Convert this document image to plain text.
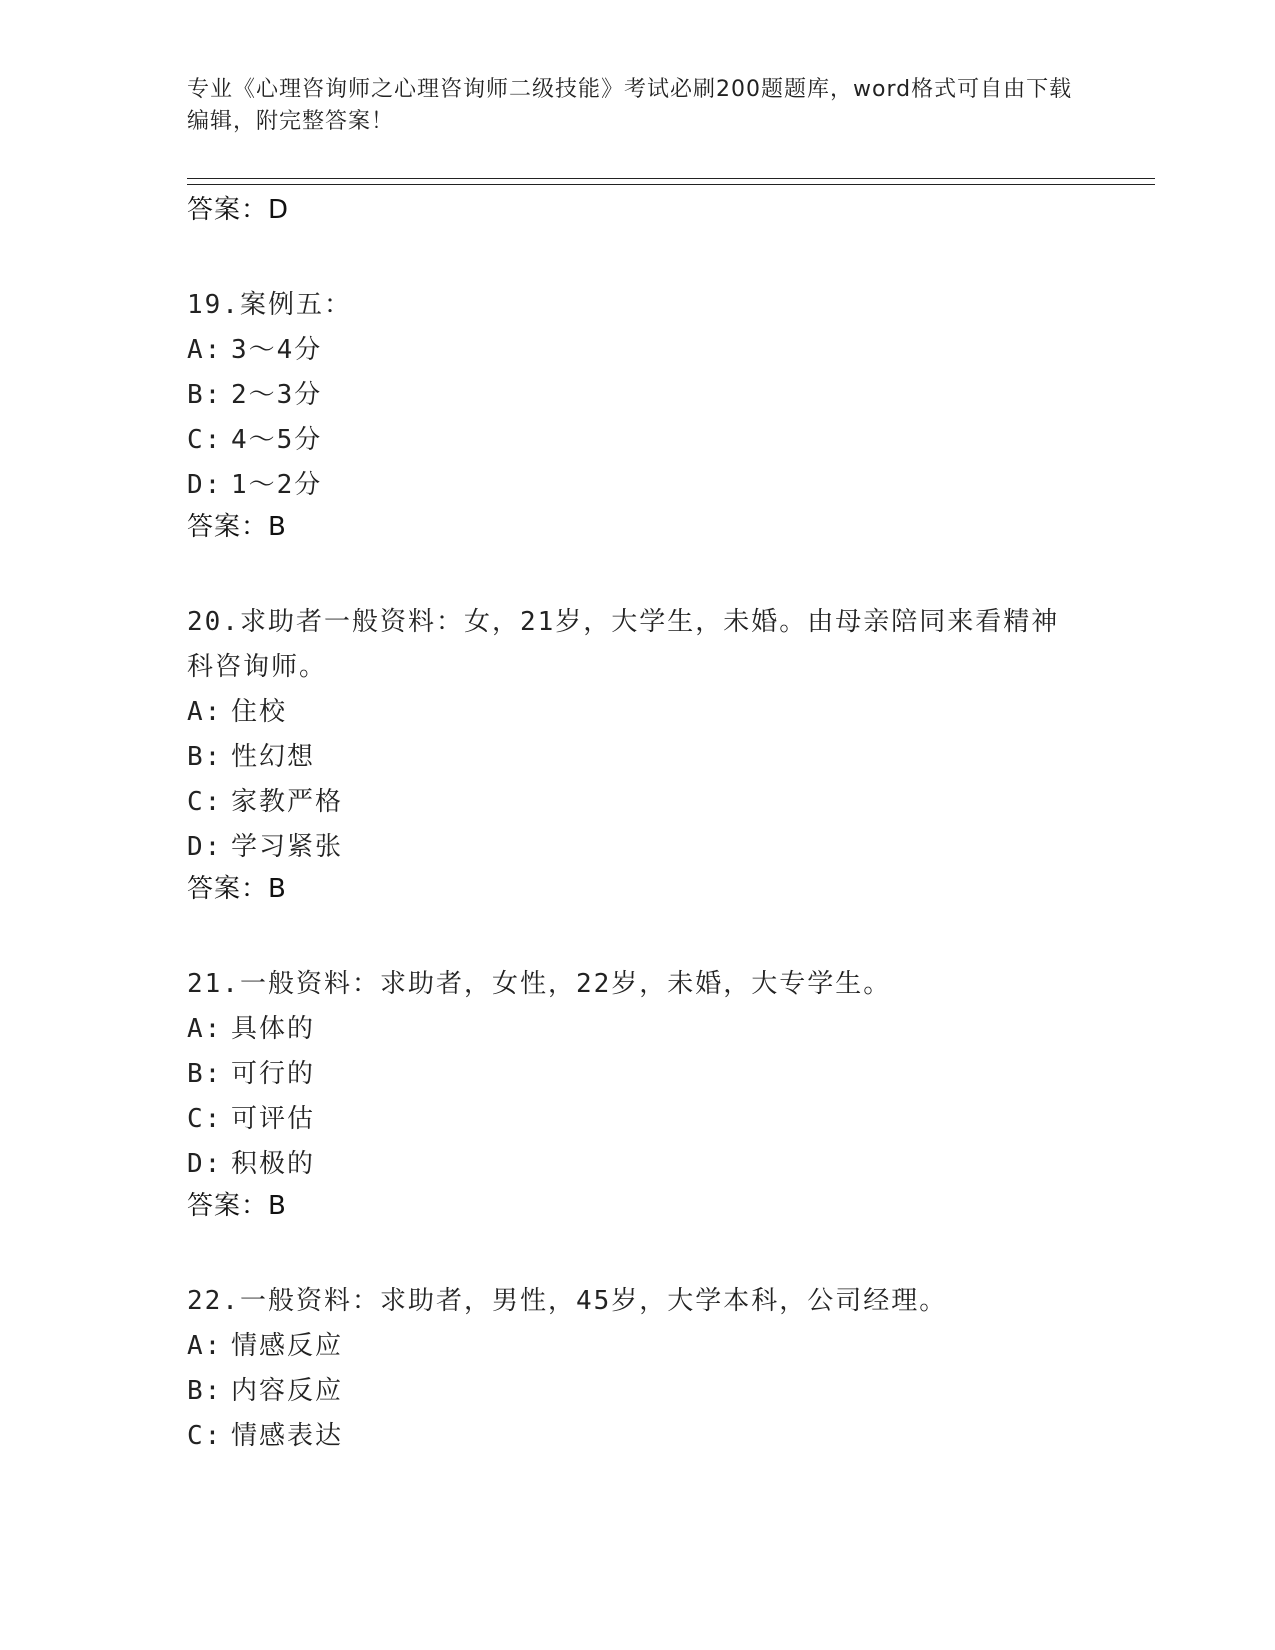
专业《心理咨询师之心理咨询师二级技能》考试必刷200题题库，word格式可自由下载编辑，附完整答案！
答案：D
19.案例五：
A: 3～4分
B: 2～3分
C: 4～5分
D: 1～2分
答案：B
20.求助者一般资料：女，21岁，大学生，未婚。由母亲陪同来看精神科咨询师。
A: 住校
B: 性幻想
C: 家教严格
D: 学习紧张
答案：B
21.一般资料：求助者，女性，22岁，未婚，大专学生。
A: 具体的
B: 可行的
C: 可评估
D: 积极的
答案：B
22.一般资料：求助者，男性，45岁，大学本科，公司经理。
A: 情感反应
B: 内容反应
C: 情感表达
